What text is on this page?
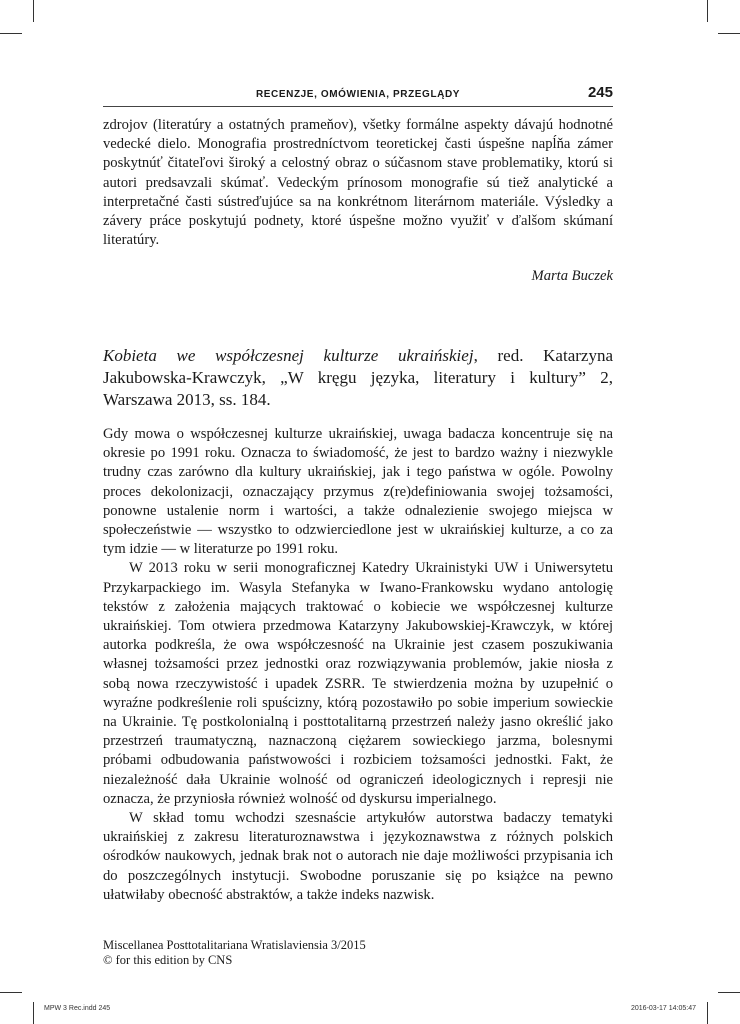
RECENZJE, OMÓWIENIA, PRZEGLĄDY	245

zdrojov (literatúry a ostatných prameňov), všetky formálne aspekty dávajú hodnotné vedecké dielo. Monografia prostredníctvom teoretickej časti úspešne napĺňa zámer poskytnúť čitateľovi široký a celostný obraz o súčasnom stave problematiky, ktorú si autori predsavzali skúmať. Vedeckým prínosom monografie sú tiež analytické a interpretačné časti sústreďujúce sa na konkrétnom literárnom materiále. Výsledky a závery práce poskytujú podnety, ktoré úspešne možno využiť v ďalšom skúmaní literatúry.

Marta Buczek
Kobieta we współczesnej kulturze ukraińskiej, red. Katarzyna Jakubowska-Krawczyk, „W kręgu języka, literatury i kultury” 2, Warszawa 2013, ss. 184.

Gdy mowa o współczesnej kulturze ukraińskiej, uwaga badacza koncentruje się na okresie po 1991 roku. Oznacza to świadomość, że jest to bardzo ważny i niezwykle trudny czas zarówno dla kultury ukraińskiej, jak i tego państwa w ogóle. Powolny proces dekolonizacji, oznaczający przymus z(re)definiowania swojej tożsamości, ponowne ustalenie norm i wartości, a także odnalezienie swojego miejsca w społeczeństwie — wszystko to odzwierciedlone jest w ukraińskiej kulturze, a co za tym idzie — w literaturze po 1991 roku.

W 2013 roku w serii monograficznej Katedry Ukrainistyki UW i Uniwersytetu Przykarpackiego im. Wasyla Stefanyka w Iwano-Frankowsku wydano antologię tekstów z założenia mających traktować o kobiecie we współczesnej kulturze ukraińskiej. Tom otwiera przedmowa Katarzyny Jakubowskiej-Krawczyk, w której autorka podkreśla, że owa współczesność na Ukrainie jest czasem poszukiwania własnej tożsamości przez jednostki oraz rozwiązywania problemów, jakie niosła z sobą nowa rzeczywistość i upadek ZSRR. Te stwierdzenia można by uzupełnić o wyraźne podkreślenie roli spuścizny, którą pozostawiło po sobie imperium sowieckie na Ukrainie. Tę postkolonialną i posttotalitarną przestrzeń należy jasno określić jako przestrzeń traumatyczną, naznaczoną ciężarem sowieckiego jarzma, bolesnymi próbami odbudowania państwowości i rozbiciem tożsamości jednostki. Fakt, że niezależność dała Ukrainie wolność od ograniczeń ideologicznych i represji nie oznacza, że przyniosła również wolność od dyskursu imperialnego.

W skład tomu wchodzi szesnaście artykułów autorstwa badaczy tematyki ukraińskiej z zakresu literaturoznawstwa i językoznawstwa z różnych polskich ośrodków naukowych, jednak brak not o autorach nie daje możliwości przypisania ich do poszczególnych instytucji. Swobodne poruszanie się po książce na pewno ułatwiłaby obecność abstraktów, a także indeks nazwisk.

Miscellanea Posttotalitariana Wratislaviensia 3/2015
© for this edition by CNS
MPW 3 Rec.indd 245	2016-03-17 14:05:47
